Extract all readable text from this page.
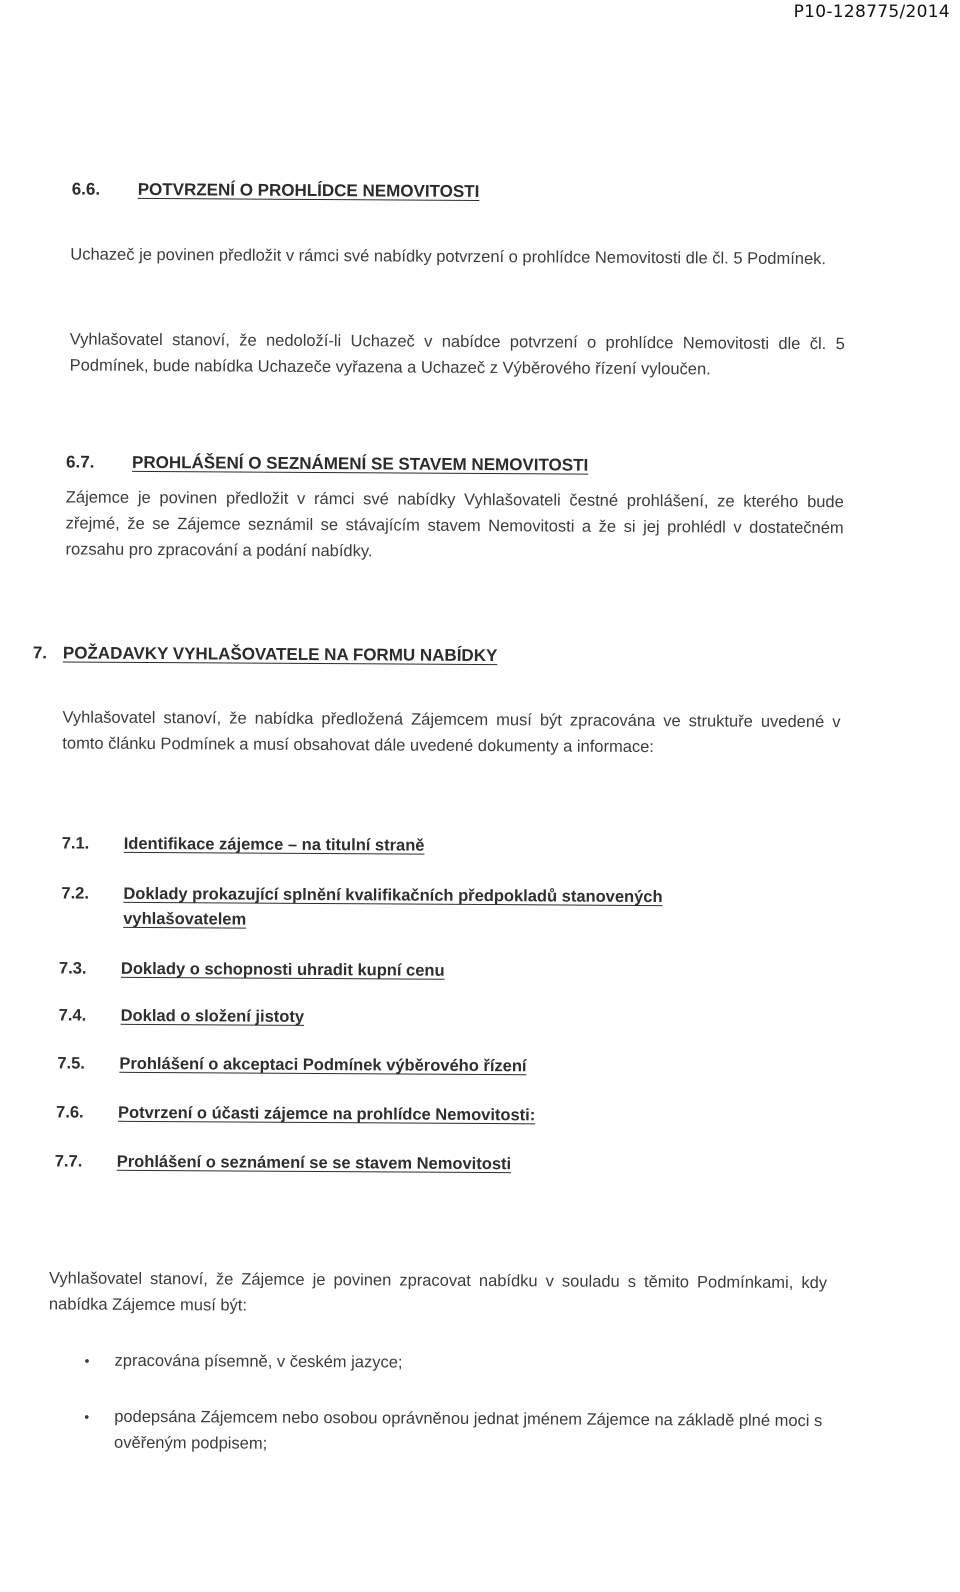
P10-128775/2014
6.6. POTVRZENÍ O PROHLÍDCE NEMOVITOSTI
Uchazeč je povinen předložit v rámci své nabídky potvrzení o prohlídce Nemovitosti dle čl. 5 Podmínek.
Vyhlašovatel stanoví, že nedoloží-li Uchazeč v nabídce potvrzení o prohlídce Nemovitosti dle čl. 5 Podmínek, bude nabídka Uchazeče vyřazena a Uchazeč z Výběrového řízení vyloučen.
6.7. PROHLÁŠENÍ O SEZNÁMENÍ SE STAVEM NEMOVITOSTI
Zájemce je povinen předložit v rámci své nabídky Vyhlašovateli čestné prohlášení, ze kterého bude zřejmé, že se Zájemce seznámil se stávajícím stavem Nemovitosti a že si jej prohlédl v dostatečném rozsahu pro zpracování a podání nabídky.
7. POŽADAVKY VYHLAŠOVATELE NA FORMU NABÍDKY
Vyhlašovatel stanoví, že nabídka předložená Zájemcem musí být zpracována ve struktuře uvedené v tomto článku Podmínek a musí obsahovat dále uvedené dokumenty a informace:
7.1. Identifikace zájemce – na titulní straně
7.2. Doklady prokazující splnění kvalifikačních předpokladů stanovených vyhlašovatelem
7.3. Doklady o schopnosti uhradit kupní cenu
7.4. Doklad o složení jistoty
7.5. Prohlášení o akceptaci Podmínek výběrového řízení
7.6. Potvrzení o účasti zájemce na prohlídce Nemovitosti:
7.7. Prohlášení o seznámení se se stavem Nemovitosti
Vyhlašovatel stanoví, že Zájemce je povinen zpracovat nabídku v souladu s těmito Podmínkami, kdy nabídka Zájemce musí být:
• zpracována písemně, v českém jazyce;
• podepsána Zájemcem nebo osobou oprávněnou jednat jménem Zájemce na základě plné moci s ověřeným podpisem;
